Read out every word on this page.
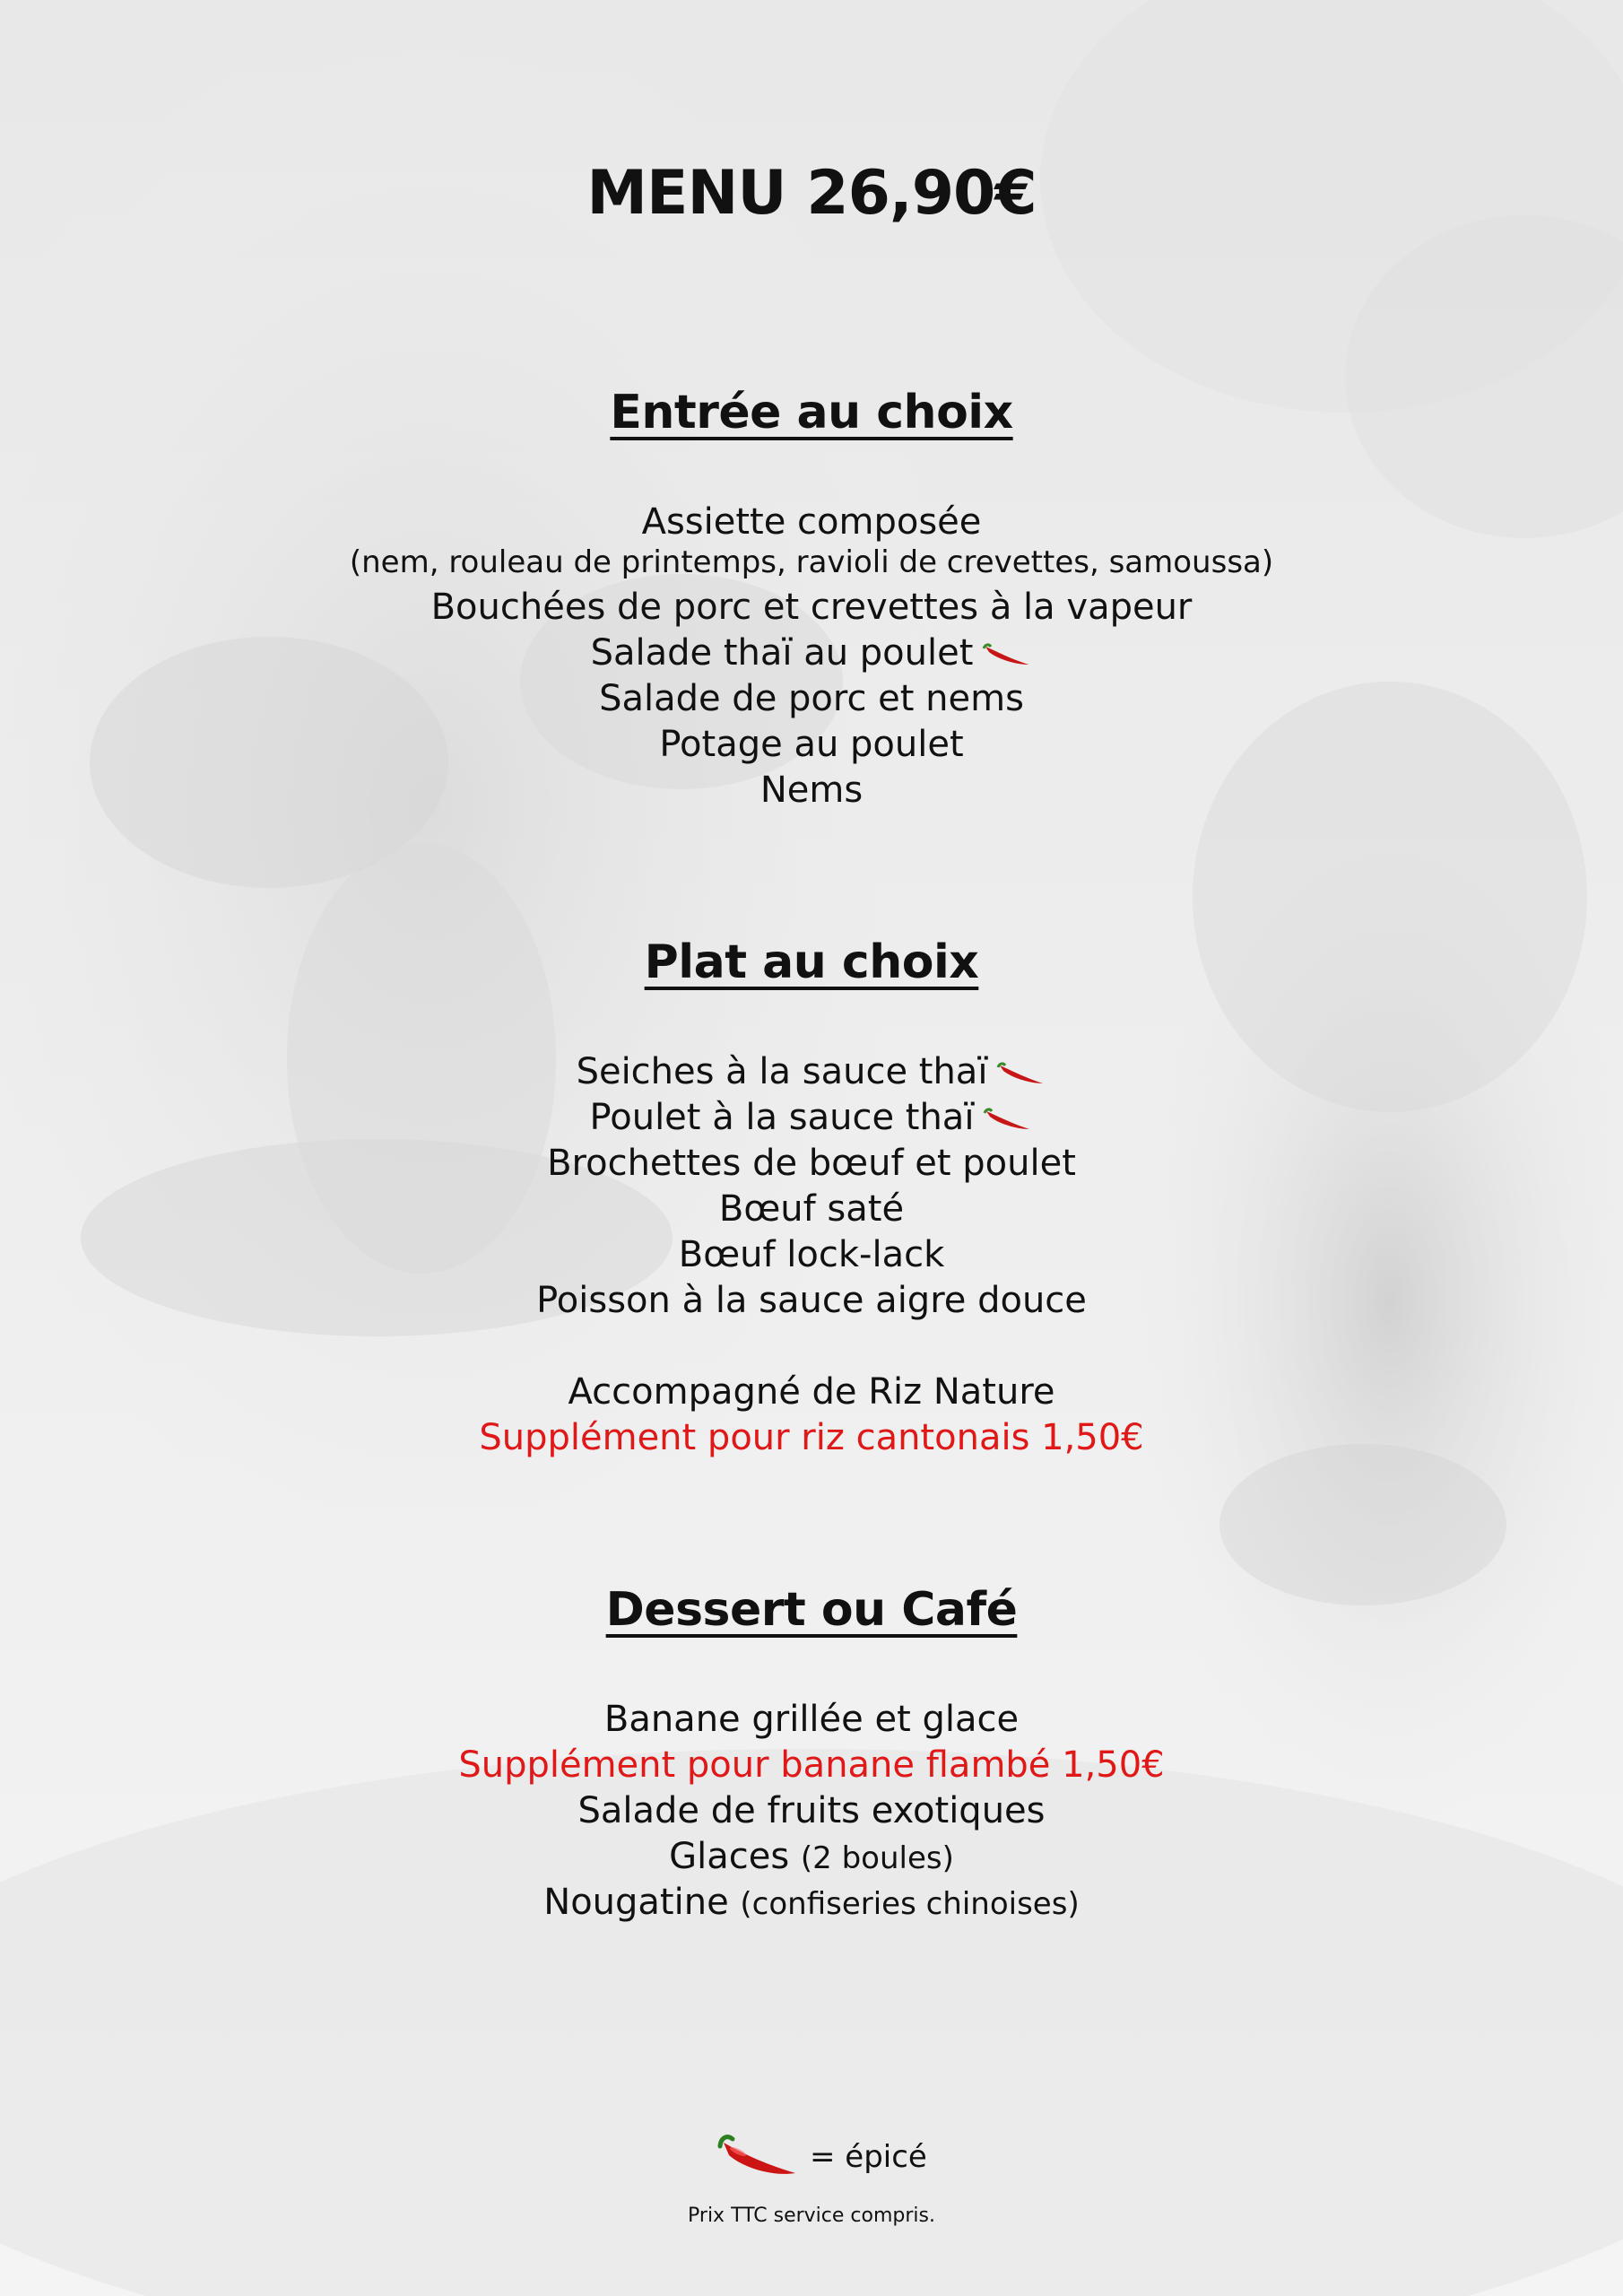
MENU 26,90€
Entrée au choix
Assiette composée
(nem, rouleau de printemps, ravioli de crevettes, samoussa)
Bouchées de porc et crevettes à la vapeur
Salade thaï au poulet
Salade de porc et nems
Potage au poulet
Nems
Plat au choix
Seiches à la sauce thaï
Poulet à la sauce thaï
Brochettes de bœuf et poulet
Bœuf saté
Bœuf lock-lack
Poisson à la sauce aigre douce
Accompagné de Riz Nature
Supplément pour riz cantonais 1,50€
Dessert ou Café
Banane grillée et glace
Supplément pour banane flambé 1,50€
Salade de fruits exotiques
Glaces (2 boules)
Nougatine (confiseries chinoises)
= épicé
Prix TTC service compris.
